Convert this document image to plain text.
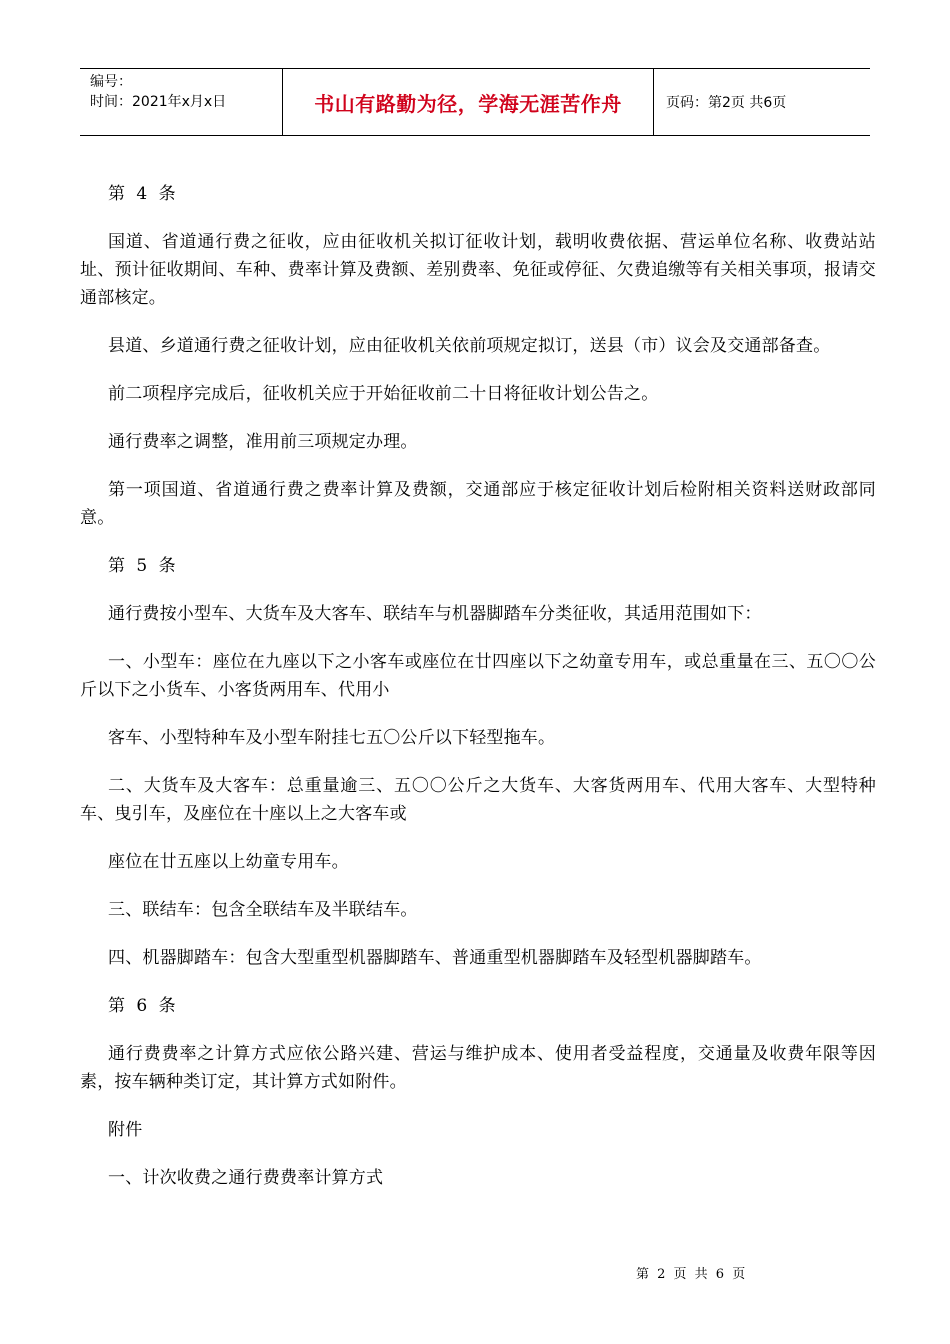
编号：
时间：2021年x月x日	书山有路勤为径，学海无涯苦作舟	页码：第2页 共6页

第 4 条

国道、省道通行费之征收，应由征收机关拟订征收计划，载明收费依据、营运单位名称、收费站站址、预计征收期间、车种、费率计算及费额、差别费率、免征或停征、欠费追缴等有关相关事项，报请交通部核定。

县道、乡道通行费之征收计划，应由征收机关依前项规定拟订，送县（市）议会及交通部备查。

前二项程序完成后，征收机关应于开始征收前二十日将征收计划公告之。

通行费率之调整，准用前三项规定办理。

第一项国道、省道通行费之费率计算及费额，交通部应于核定征收计划后检附相关资料送财政部同意。

第 5 条

通行费按小型车、大货车及大客车、联结车与机器脚踏车分类征收，其适用范围如下：

一、小型车：座位在九座以下之小客车或座位在廿四座以下之幼童专用车，或总重量在三、五〇〇公斤以下之小货车、小客货两用车、代用小

客车、小型特种车及小型车附挂七五〇公斤以下轻型拖车。

二、大货车及大客车：总重量逾三、五〇〇公斤之大货车、大客货两用车、代用大客车、大型特种车、曳引车，及座位在十座以上之大客车或

座位在廿五座以上幼童专用车。

三、联结车：包含全联结车及半联结车。

四、机器脚踏车：包含大型重型机器脚踏车、普通重型机器脚踏车及轻型机器脚踏车。

第 6 条

通行费费率之计算方式应依公路兴建、营运与维护成本、使用者受益程度，交通量及收费年限等因素，按车辆种类订定，其计算方式如附件。

附件

一、计次收费之通行费费率计算方式

第 2 页 共 6 页
